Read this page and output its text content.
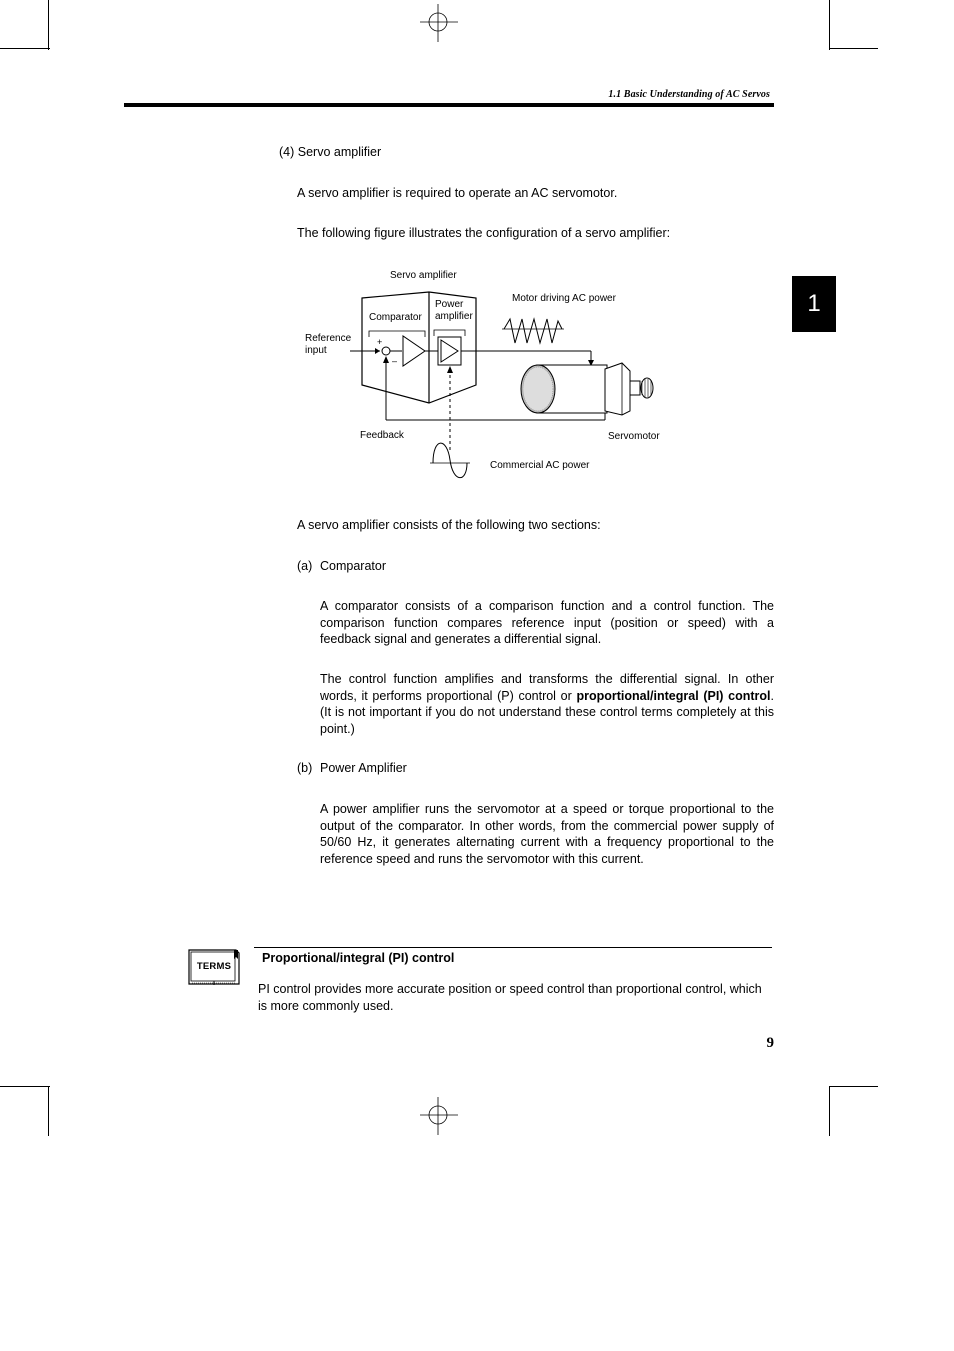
1.1 Basic Understanding of AC Servos
1
(4) Servo amplifier
A servo amplifier is required to operate an AC servomotor.
The following figure illustrates the configuration of a servo amplifier:
Servo amplifier
Power
amplifier
Comparator
Motor driving AC power
Reference
input
+
–
Feedback	Servomotor
Commercial AC power
A servo amplifier consists of the following two sections:
(a) Comparator
A comparator consists of a comparison function and a control function. The comparison function compares reference input (position or speed) with a feedback signal and generates a differential signal.
The control function amplifies and transforms the differential signal. In other words, it performs proportional (P) control or proportional/integral (PI) control. (It is not important if you do not understand these control terms completely at this point.)
(b) Power Amplifier
A power amplifier runs the servomotor at a speed or torque proportional to the output of the comparator. In other words, from the commercial power supply of 50/60 Hz, it generates alternating current with a frequency proportional to the reference speed and runs the servomotor with this current.
TERMS
Proportional/integral (PI) control
PI control provides more accurate position or speed control than proportional control, which is more commonly used.
9
